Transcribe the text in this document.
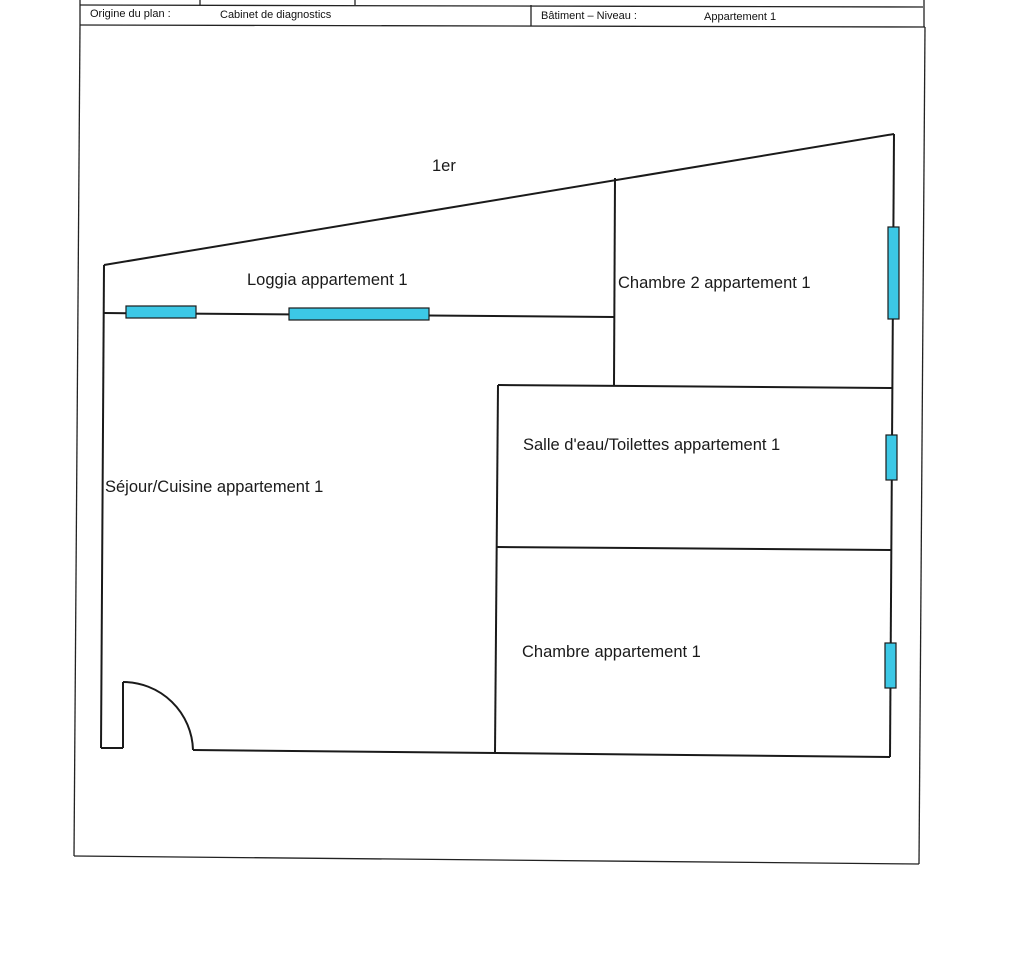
Origine du plan :	Cabinet de diagnostics	Bâtiment – Niveau :	Appartement 1
1er
Loggia appartement 1	Chambre 2 appartement 1
Salle d'eau/Toilettes appartement 1
Séjour/Cuisine appartement 1
Chambre appartement 1
